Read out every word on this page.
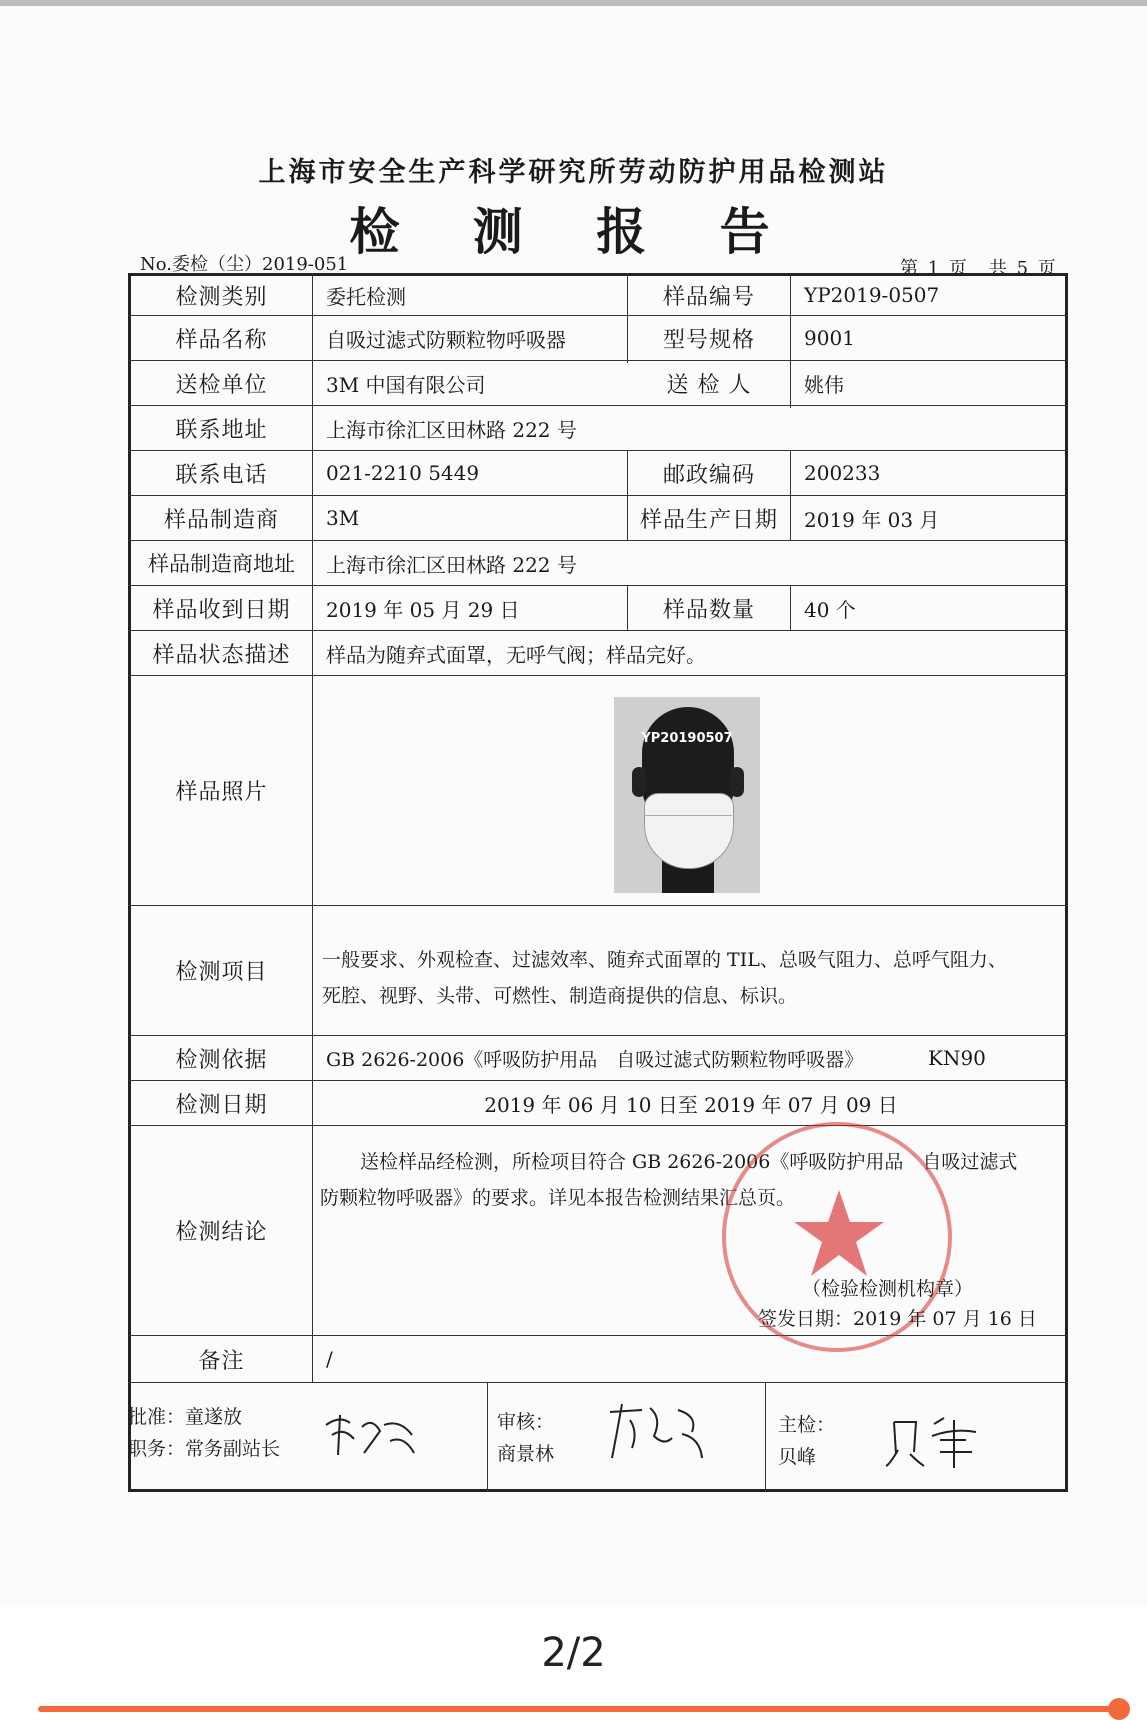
上海市安全生产科学研究所劳动防护用品检测站
检 测 报 告
No.委检（尘）2019-051	第 1 页　共 5 页
检测类别	委托检测	样品编号	YP2019-0507
样品名称	自吸过滤式防颗粒物呼吸器	型号规格	9001
送检单位	3M 中国有限公司	送 检 人	姚伟
联系地址	上海市徐汇区田林路 222 号
联系电话	021-2210 5449	邮政编码	200233
样品制造商	3M	样品生产日期	2019 年 03 月
样品制造商地址	上海市徐汇区田林路 222 号
样品收到日期	2019 年 05 月 29 日	样品数量	40 个
样品状态描述	样品为随弃式面罩，无呼气阀；样品完好。
样品照片
YP20190507
检测项目	一般要求、外观检查、过滤效率、随弃式面罩的 TIL、总吸气阻力、总呼气阻力、
死腔、视野、头带、可燃性、制造商提供的信息、标识。
检测依据	GB 2626-2006《呼吸防护用品　自吸过滤式防颗粒物呼吸器》	KN90
检测日期	2019 年 06 月 10 日至 2019 年 07 月 09 日
检测结论
送检样品经检测，所检项目符合 GB 2626-2006《呼吸防护用品　自吸过滤式
防颗粒物呼吸器》的要求。详见本报告检测结果汇总页。
（检验检测机构章）
签发日期：2019 年 07 月 16 日
备注	/
批准：童遂放
职务：常务副站长
审核：
商景林
主检：
贝峰
2/2
